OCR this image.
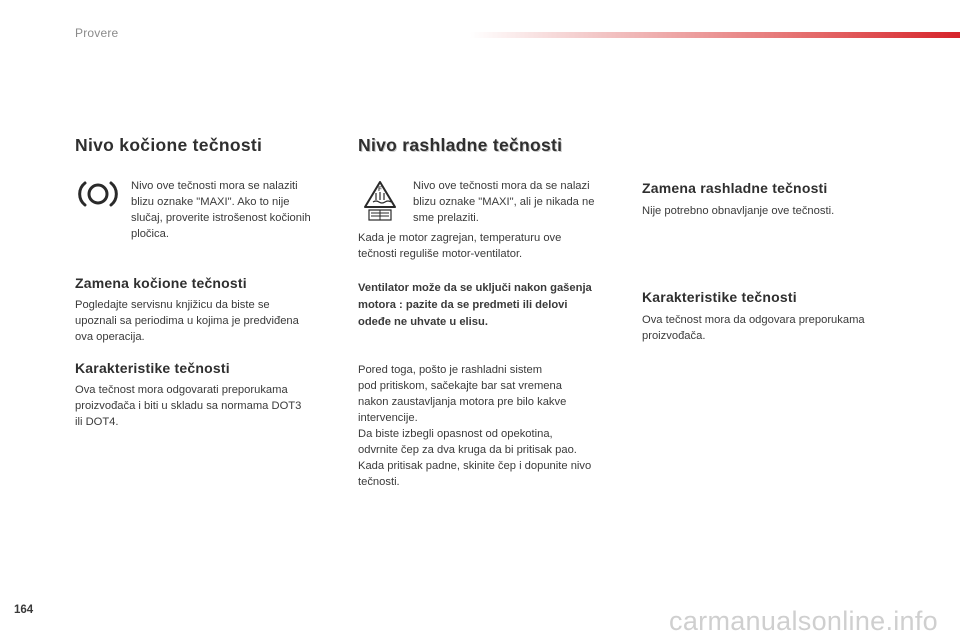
Provere
Nivo kočione tečnosti
Nivo ove tečnosti mora se nalaziti
blizu oznake "MAXI". Ako to nije
slučaj, proverite istrošenost kočionih
pločica.
Zamena kočione tečnosti
Pogledajte servisnu knjižicu da biste se
upoznali sa periodima u kojima je predviđena
ova operacija.
Karakteristike tečnosti
Ova tečnost mora odgovarati preporukama
proizvođača i biti u skladu sa normama DOT3
ili DOT4.
Nivo rashladne tečnosti
F	Nivo ove tečnosti mora da se nalazi
blizu oznake "MAXI", ali je nikada ne
sme prelaziti.
Kada je motor zagrejan, temperaturu ove
tečnosti reguliše motor-ventilator.
Ventilator može da se uključi nakon gašenja
motora : pazite da se predmeti ili delovi
odeđe ne uhvate u elisu.
Pored toga, pošto je rashladni sistem
pod pritiskom, sačekajte bar sat vremena
nakon zaustavljanja motora pre bilo kakve
intervencije.
Da biste izbegli opasnost od opekotina,
odvrnite čep za dva kruga da bi pritisak pao.
Kada pritisak padne, skinite čep i dopunite nivo
tečnosti.
Zamena rashladne tečnosti
Nije potrebno obnavljanje ove tečnosti.
Karakteristike tečnosti
Ova tečnost mora da odgovara preporukama
proizvođača.
164	carmanualsonline.info
